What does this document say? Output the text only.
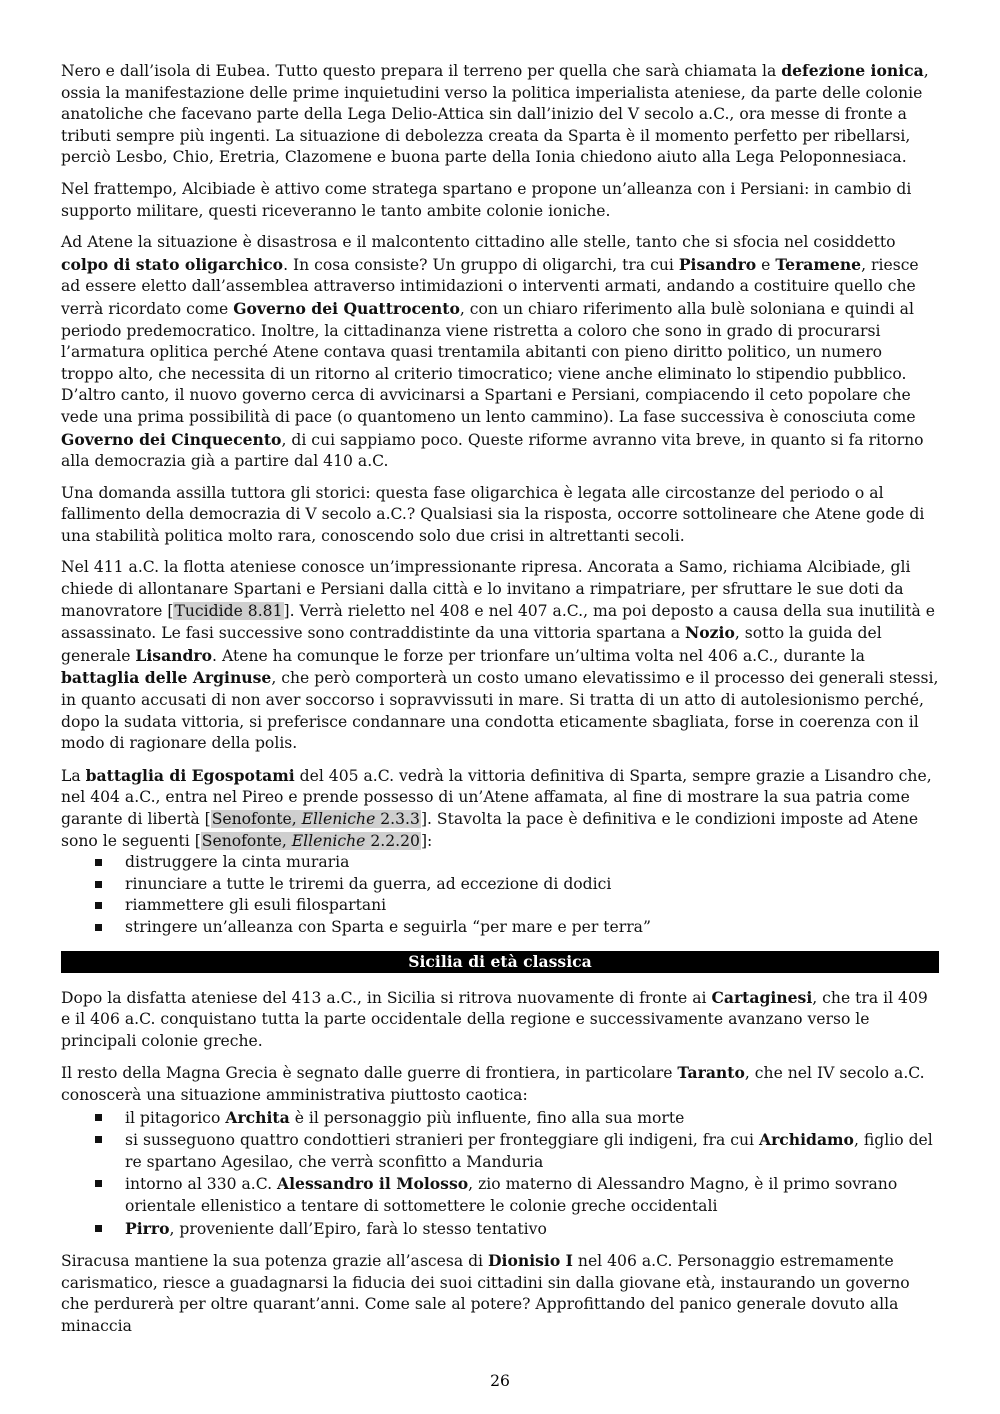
Nero e dall’isola di Eubea. Tutto questo prepara il terreno per quella che sarà chiamata la defezione ionica, ossia la manifestazione delle prime inquietudini verso la politica imperialista ateniese, da parte delle colonie anatoliche che facevano parte della Lega Delio-Attica sin dall’inizio del V secolo a.C., ora messe di fronte a tributi sempre più ingenti. La situazione di debolezza creata da Sparta è il momento perfetto per ribellarsi, perciò Lesbo, Chio, Eretria, Clazomene e buona parte della Ionia chiedono aiuto alla Lega Peloponnesiaca.

Nel frattempo, Alcibiade è attivo come stratega spartano e propone un’alleanza con i Persiani: in cambio di supporto militare, questi riceveranno le tanto ambite colonie ioniche.

Ad Atene la situazione è disastrosa e il malcontento cittadino alle stelle, tanto che si sfocia nel cosiddetto colpo di stato oligarchico. In cosa consiste? Un gruppo di oligarchi, tra cui Pisandro e Teramene, riesce ad essere eletto dall’assemblea attraverso intimidazioni o interventi armati, andando a costituire quello che verrà ricordato come Governo dei Quattrocento, con un chiaro riferimento alla bulè soloniana e quindi al periodo predemocratico. Inoltre, la cittadinanza viene ristretta a coloro che sono in grado di procurarsi l’armatura oplitica perché Atene contava quasi trentamila abitanti con pieno diritto politico, un numero troppo alto, che necessita di un ritorno al criterio timocratico; viene anche eliminato lo stipendio pubblico. D’altro canto, il nuovo governo cerca di avvicinarsi a Spartani e Persiani, compiacendo il ceto popolare che vede una prima possibilità di pace (o quantomeno un lento cammino). La fase successiva è conosciuta come Governo dei Cinquecento, di cui sappiamo poco. Queste riforme avranno vita breve, in quanto si fa ritorno alla democrazia già a partire dal 410 a.C.

Una domanda assilla tuttora gli storici: questa fase oligarchica è legata alle circostanze del periodo o al fallimento della democrazia di V secolo a.C.? Qualsiasi sia la risposta, occorre sottolineare che Atene gode di una stabilità politica molto rara, conoscendo solo due crisi in altrettanti secoli.

Nel 411 a.C. la flotta ateniese conosce un’impressionante ripresa. Ancorata a Samo, richiama Alcibiade, gli chiede di allontanare Spartani e Persiani dalla città e lo invitano a rimpatriare, per sfruttare le sue doti da manovratore [Tucidide 8.81]. Verrà rieletto nel 408 e nel 407 a.C., ma poi deposto a causa della sua inutilità e assassinato. Le fasi successive sono contraddistinte da una vittoria spartana a Nozio, sotto la guida del generale Lisandro. Atene ha comunque le forze per trionfare un’ultima volta nel 406 a.C., durante la battaglia delle Arginuse, che però comporterà un costo umano elevatissimo e il processo dei generali stessi, in quanto accusati di non aver soccorso i sopravvissuti in mare. Si tratta di un atto di autolesionismo perché, dopo la sudata vittoria, si preferisce condannare una condotta eticamente sbagliata, forse in coerenza con il modo di ragionare della polis.

La battaglia di Egospotami del 405 a.C. vedrà la vittoria definitiva di Sparta, sempre grazie a Lisandro che, nel 404 a.C., entra nel Pireo e prende possesso di un’Atene affamata, al fine di mostrare la sua patria come garante di libertà [Senofonte, Elleniche 2.3.3]. Stavolta la pace è definitiva e le condizioni imposte ad Atene sono le seguenti [Senofonte, Elleniche 2.2.20]:

distruggere la cinta muraria
rinunciare a tutte le triremi da guerra, ad eccezione di dodici
riammettere gli esuli filospartani
stringere un’alleanza con Sparta e seguirla “per mare e per terra”
Sicilia di età classica

Dopo la disfatta ateniese del 413 a.C., in Sicilia si ritrova nuovamente di fronte ai Cartaginesi, che tra il 409 e il 406 a.C. conquistano tutta la parte occidentale della regione e successivamente avanzano verso le principali colonie greche.

Il resto della Magna Grecia è segnato dalle guerre di frontiera, in particolare Taranto, che nel IV secolo a.C. conoscerà una situazione amministrativa piuttosto caotica:

il pitagorico Archita è il personaggio più influente, fino alla sua morte
si susseguono quattro condottieri stranieri per fronteggiare gli indigeni, fra cui Archidamo, figlio del re spartano Agesilao, che verrà sconfitto a Manduria
intorno al 330 a.C. Alessandro il Molosso, zio materno di Alessandro Magno, è il primo sovrano orientale ellenistico a tentare di sottomettere le colonie greche occidentali
Pirro, proveniente dall’Epiro, farà lo stesso tentativo

Siracusa mantiene la sua potenza grazie all’ascesa di Dionisio I nel 406 a.C. Personaggio estremamente carismatico, riesce a guadagnarsi la fiducia dei suoi cittadini sin dalla giovane età, instaurando un governo che perdurerà per oltre quarant’anni. Come sale al potere? Approfittando del panico generale dovuto alla minaccia

26
